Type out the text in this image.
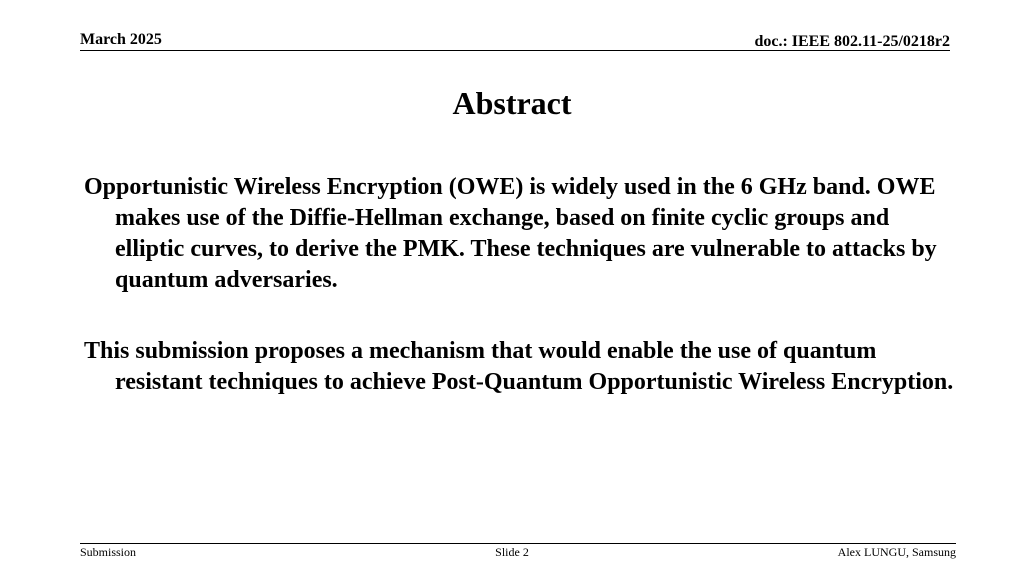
March 2025	doc.: IEEE 802.11-25/0218r2
Abstract

Opportunistic Wireless Encryption (OWE) is widely used in the 6 GHz band. OWE makes use of the Diffie-Hellman exchange, based on finite cyclic groups and elliptic curves, to derive the PMK. These techniques are vulnerable to attacks by quantum adversaries.

This submission proposes a mechanism that would enable the use of quantum resistant techniques to achieve Post-Quantum Opportunistic Wireless Encryption.

Submission	Slide 2	Alex LUNGU, Samsung
